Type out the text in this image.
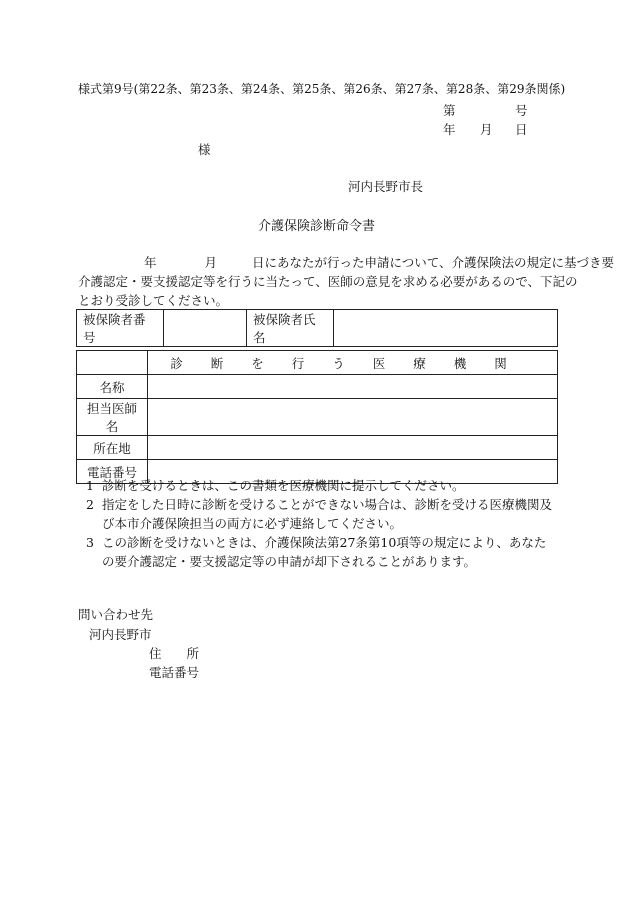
様式第9号(第22条、第23条、第24条、第25条、第26条、第27条、第28条、第29条関係)
第	号
年 月 日
様
河内長野市長
介護保険診断命令書
年	月	日にあなたが行った申請について、介護保険法の規定に基づき要
介護認定・要支援認定等を行うに当たって、医師の意見を求める必要があるので、下記の
とおり受診してください。
被保険者番号		被保険者氏名	
	診断を行う医療機関
名称	
担当医師名	
所在地	
電話番号	
1 診断を受けるときは、この書類を医療機関に提示してください。
2 指定をした日時に診断を受けることができない場合は、診断を受ける医療機関及び本市介護保険担当の両方に必ず連絡してください。
3 この診断を受けないときは、介護保険法第27条第10項等の規定により、あなたの要介護認定・要支援認定等の申請が却下されることがあります。
問い合わせ先
河内長野市
住　　所
電話番号
